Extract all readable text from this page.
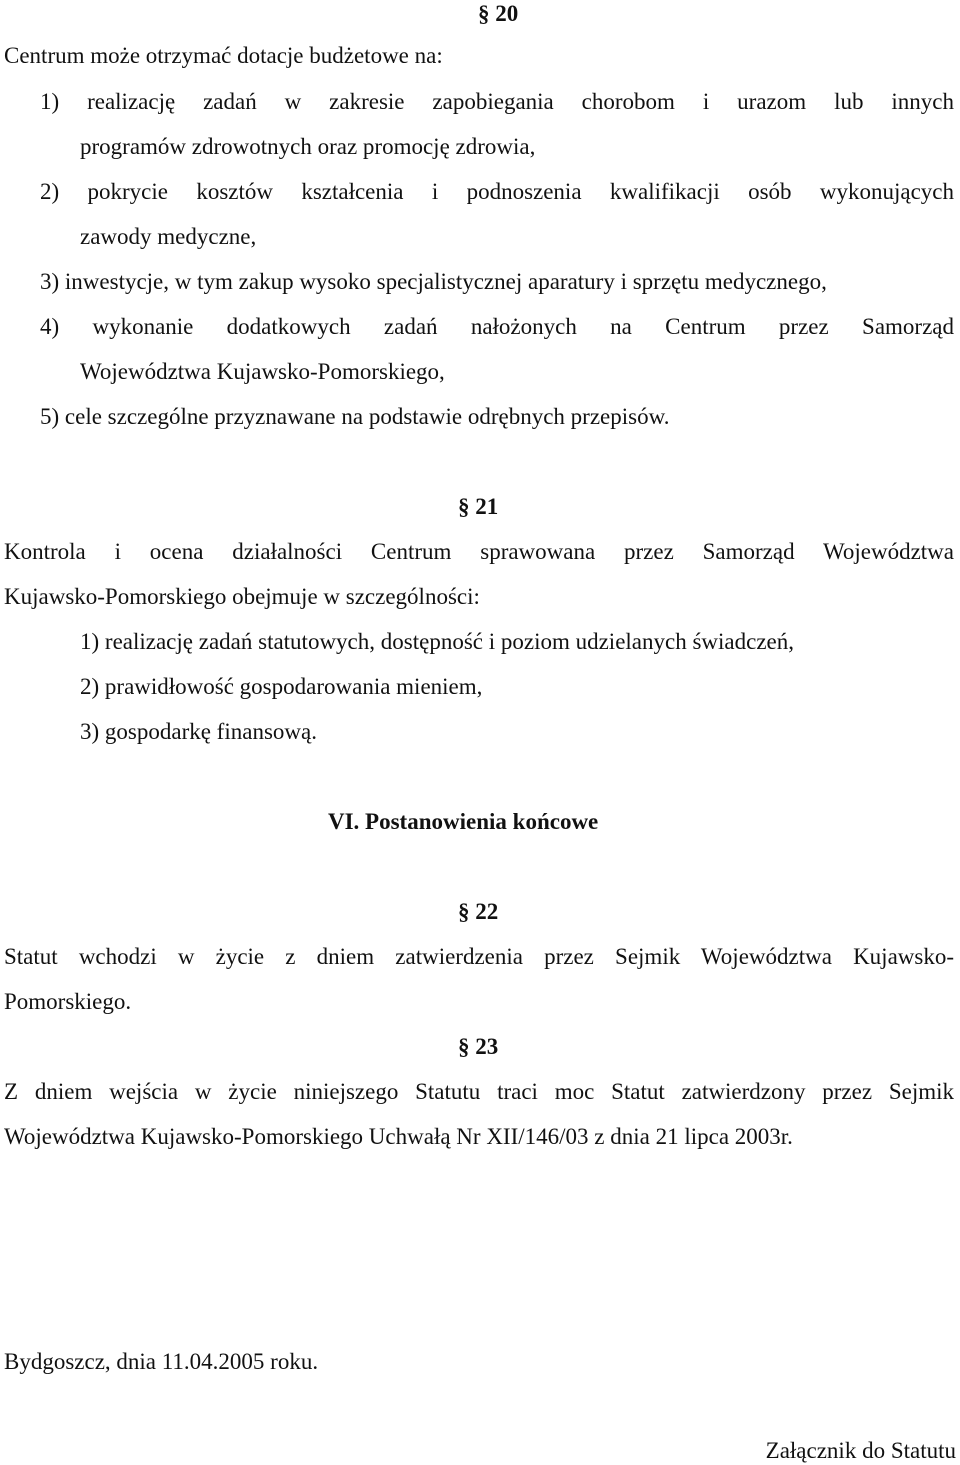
§ 20
Centrum może otrzymać dotacje budżetowe na:
1) realizację zadań w zakresie zapobiegania chorobom i urazom lub innych
programów zdrowotnych oraz promocję zdrowia,
2) pokrycie kosztów kształcenia i podnoszenia kwalifikacji osób wykonujących
zawody medyczne,
3) inwestycje, w tym zakup wysoko specjalistycznej aparatury i sprzętu medycznego,
4) wykonanie dodatkowych zadań nałożonych na Centrum przez Samorząd
Województwa Kujawsko-Pomorskiego,
5) cele szczególne przyznawane na podstawie odrębnych przepisów.
§ 21
Kontrola i ocena działalności Centrum sprawowana przez Samorząd Województwa
Kujawsko-Pomorskiego obejmuje w szczególności:
1) realizację zadań statutowych, dostępność i poziom udzielanych świadczeń,
2) prawidłowość gospodarowania mieniem,
3) gospodarkę finansową.
VI. Postanowienia końcowe
§ 22
Statut wchodzi w życie z dniem zatwierdzenia przez Sejmik Województwa Kujawsko-
Pomorskiego.
§ 23
Z dniem wejścia w życie niniejszego Statutu traci moc Statut zatwierdzony przez Sejmik
Województwa Kujawsko-Pomorskiego Uchwałą Nr XII/146/03 z dnia 21 lipca 2003r.
Bydgoszcz, dnia 11.04.2005 roku.
Załącznik do Statutu
